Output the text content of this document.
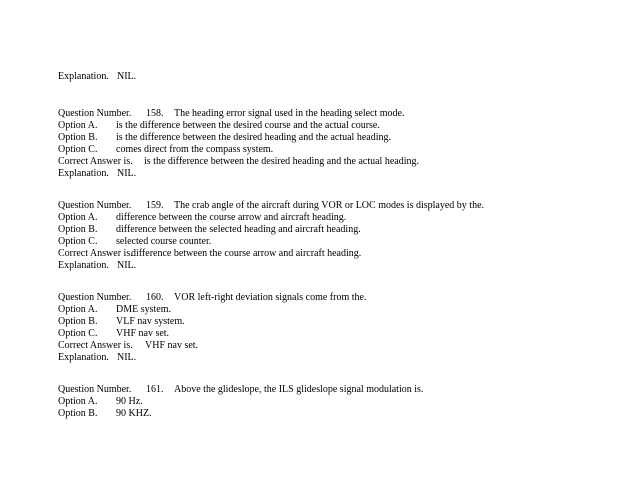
Explanation. NIL.
Question Number. 158. The heading error signal used in the heading select mode.
Option A. is the difference between the desired course and the actual course.
Option B. is the difference between the desired heading and the actual heading.
Option C. comes direct from the compass system.
Correct Answer is. is the difference between the desired heading and the actual heading.
Explanation. NIL.
Question Number. 159. The crab angle of the aircraft during VOR or LOC modes is displayed by the.
Option A. difference between the course arrow and aircraft heading.
Option B. difference between the selected heading and aircraft heading.
Option C. selected course counter.
Correct Answer is.difference between the course arrow and aircraft heading.
Explanation. NIL.
Question Number. 160. VOR left-right deviation signals come from the.
Option A. DME system.
Option B. VLF nav system.
Option C. VHF nav set.
Correct Answer is. VHF nav set.
Explanation. NIL.
Question Number. 161. Above the glideslope, the ILS glideslope signal modulation is.
Option A. 90 Hz.
Option B. 90 KHZ.
